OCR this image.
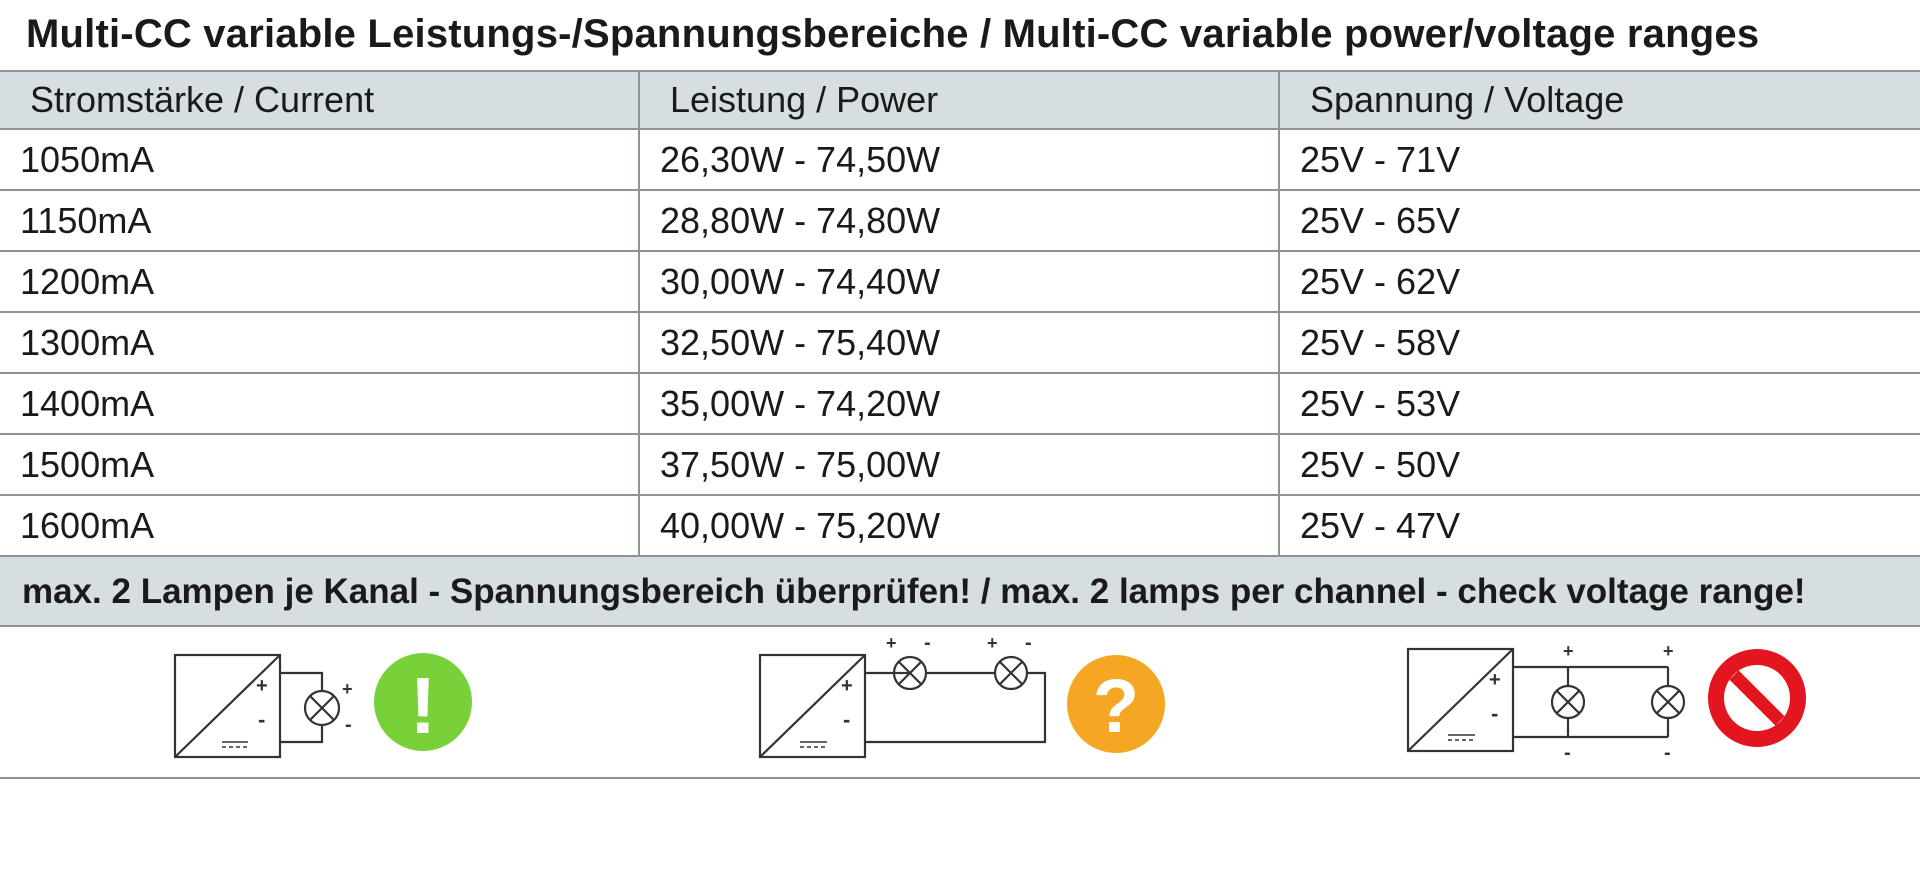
Multi-CC variable Leistungs-/Spannungsbereiche / Multi-CC variable power/voltage ranges
Stromstärke / Current	Leistung / Power	Spannung / Voltage
1050mA	26,30W - 74,50W	25V - 71V
1150mA	28,80W - 74,80W	25V - 65V
1200mA	30,00W - 74,40W	25V - 62V
1300mA	32,50W - 75,40W	25V - 58V
1400mA	35,00W - 74,20W	25V - 53V
1500mA	37,50W - 75,00W	25V - 50V
1600mA	40,00W - 75,20W	25V - 47V
max. 2 Lampen je Kanal - Spannungsbereich überprüfen! / max. 2 lamps per channel - check voltage range!
+
-
+
- !	+
-
+ -	+ -
?	+
-
+
-
+
-
